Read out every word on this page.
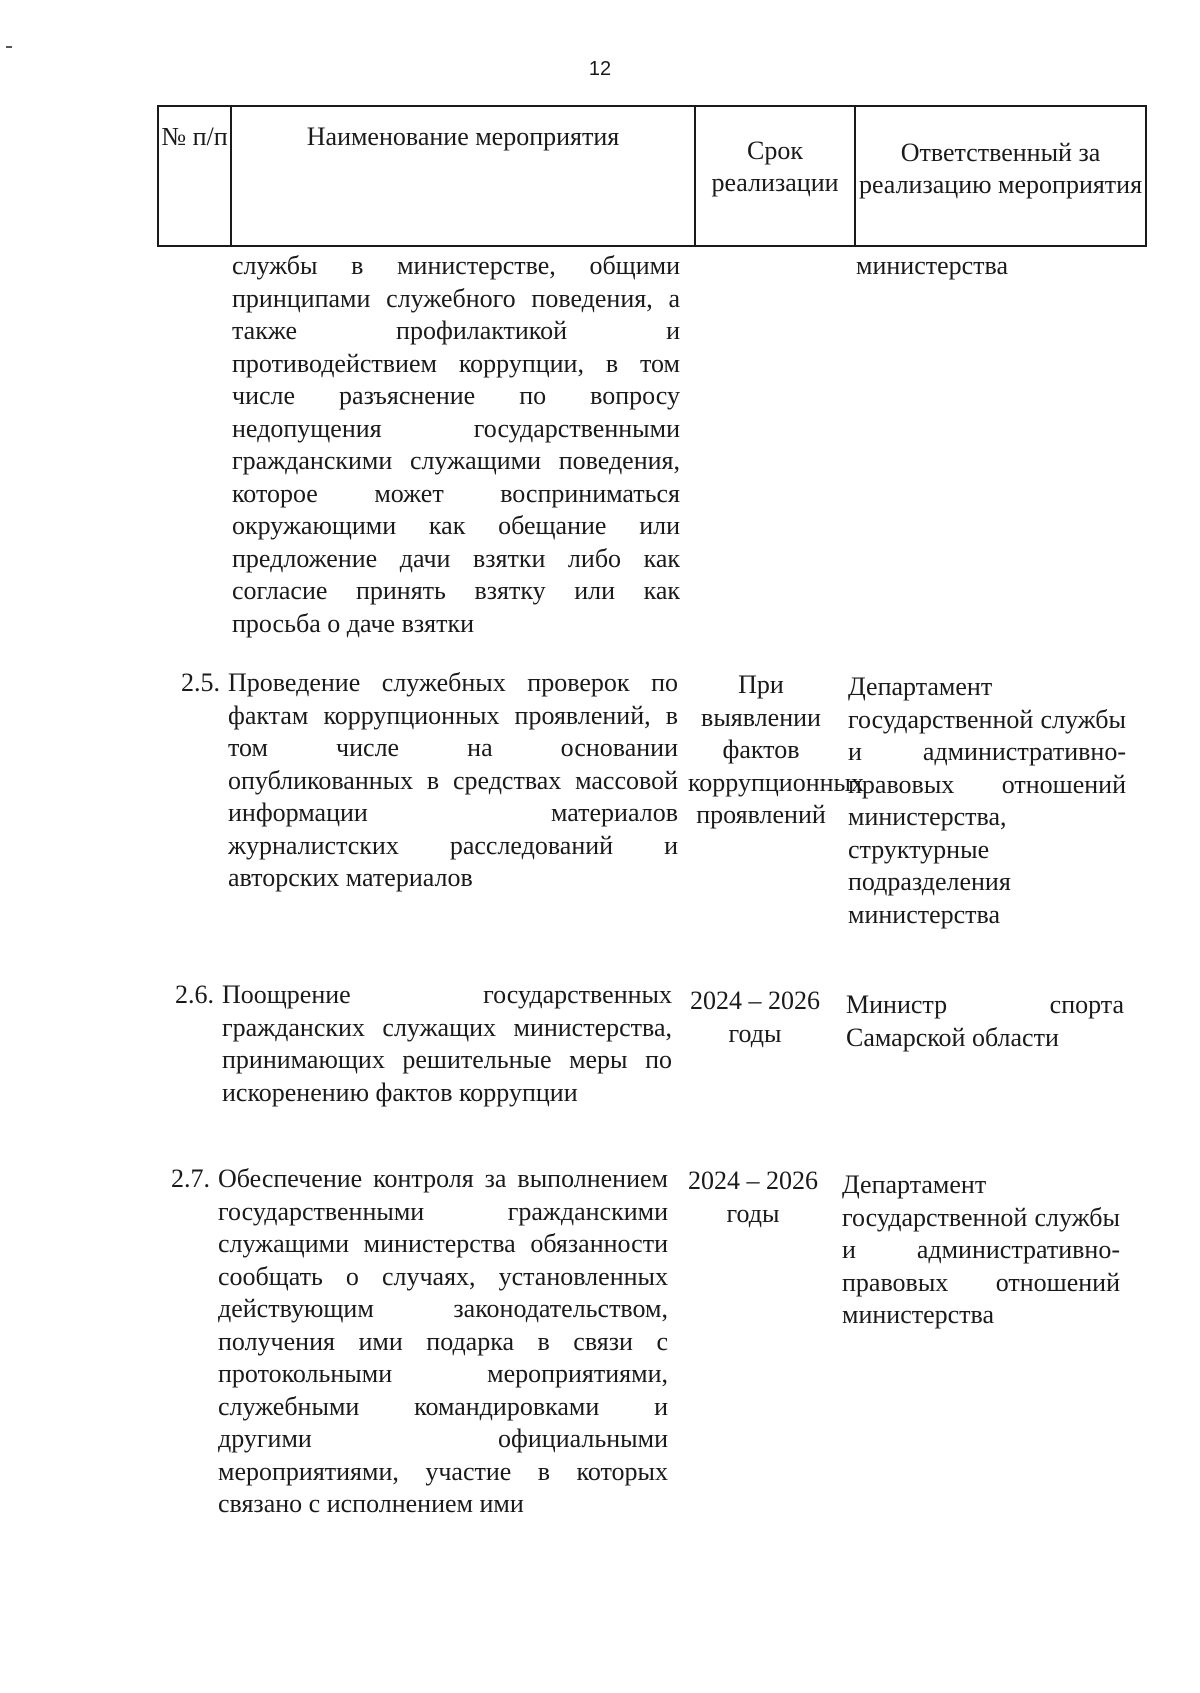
12
№ п/п	Наименование мероприятия	Срок реализации
Ответственный за реализацию мероприятия
службы в министерстве, общими принципами служебного поведения, а также профилактикой и противодействием коррупции, в том числе разъяснение по вопросу недопущения государственными гражданскими служащими поведения, которое может восприниматься окружающими как обещание или предложение дачи взятки либо как согласие принять взятку или как просьба о даче взятки
министерства
2.5. Проведение служебных проверок по фактам коррупционных проявлений, в том числе на основании опубликованных в средствах массовой информации материалов журналистских расследований и авторских материалов
При выявлении фактов коррупционных проявлений
Департамент государственной службы и административно-правовых отношений министерства, структурные подразделения министерства
2.6. Поощрение государственных гражданских служащих министерства, принимающих решительные меры по искоренению фактов коррупции
2024 – 2026 годы
Министр спорта Самарской области
2.7. Обеспечение контроля за выполнением государственными гражданскими служащими министерства обязанности сообщать о случаях, установленных действующим законодательством, получения ими подарка в связи с протокольными мероприятиями, служебными командировками и другими официальными мероприятиями, участие в которых связано с исполнением ими
2024 – 2026 годы
Департамент государственной службы и административно-правовых отношений министерства
